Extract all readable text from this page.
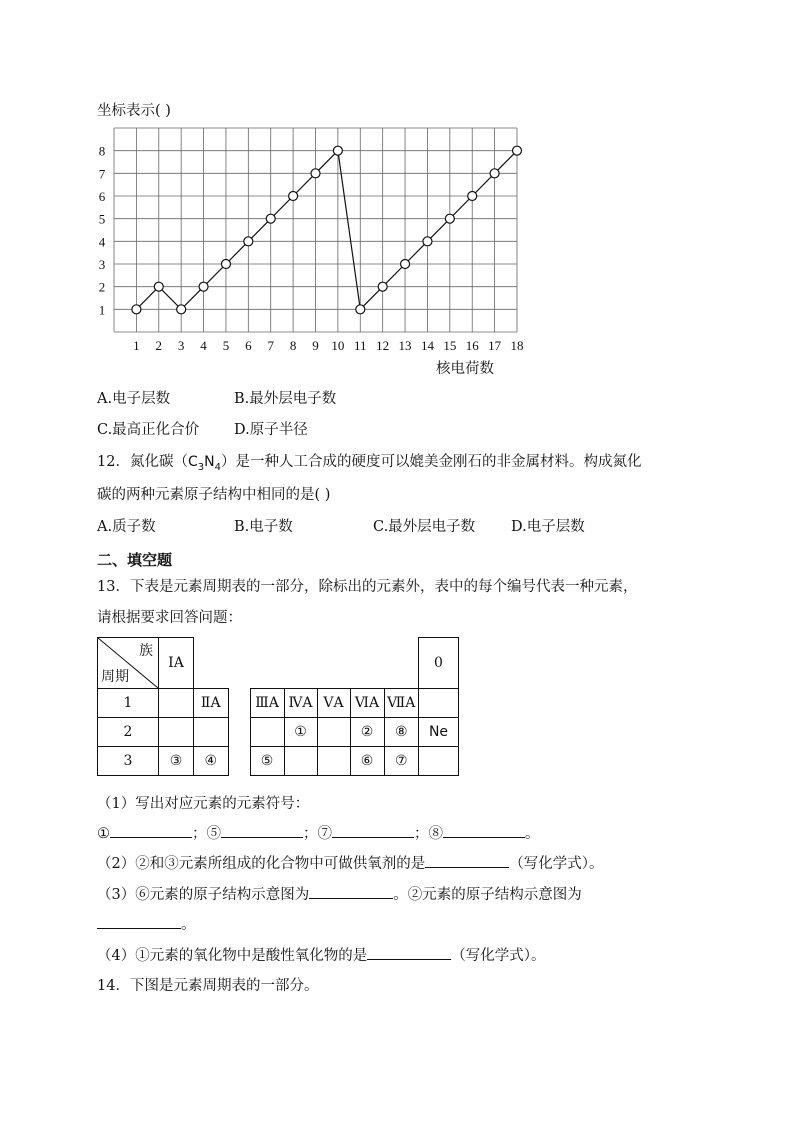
坐标表示( )
1 2 3 4 5 6 7 8 9 10 11 12 13 14 15 16 17 18
1
2
3
4
5
6
7
8
核电荷数
A.电子层数	B.最外层电子数
C.最高正化合价 D.原子半径
12．氮化碳$(C_3N_4)$是一种人工合成的硬度可以媲美金刚石的非金属材料。构成氮化
碳的两种元素原子结构中相同的是( )
A.质子数	B.电子数	C.最外层电子数 D.电子层数
二、填空题
13．下表是元素周期表的一部分，除标出的元素外，表中的每个编号代表一种元素，
请根据要求回答问题：
族
周期	ⅠA								0
1		ⅡA		ⅢA	ⅣA	ⅤA	ⅥA	ⅦA	
2					①		②	⑧	Ne
3	③	④		⑤			⑥	⑦	
（1）写出对应元素的元素符号：
①	；⑤	；⑦	；⑧	。
（2）②和③元素所组成的化合物中可做供氧剂的是	（写化学式）。
（3）⑥元素的原子结构示意图为	。②元素的原子结构示意图为
。
（4）①元素的氧化物中是酸性氧化物的是	（写化学式）。
14．下图是元素周期表的一部分。
